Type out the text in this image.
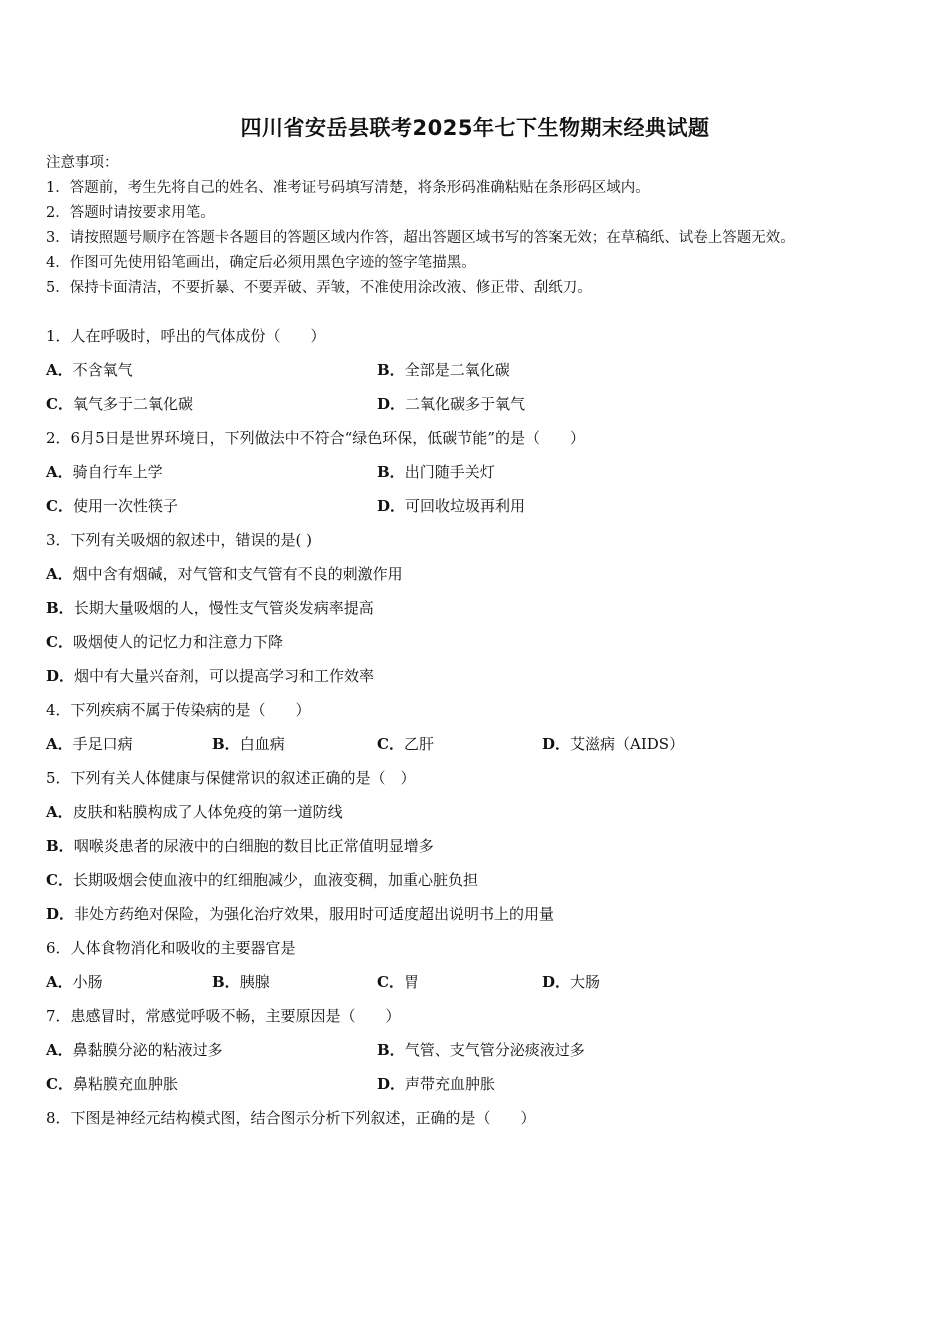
四川省安岳县联考2025年七下生物期末经典试题
注意事项：
1．答题前，考生先将自己的姓名、准考证号码填写清楚，将条形码准确粘贴在条形码区域内。
2．答题时请按要求用笔。
3．请按照题号顺序在答题卡各题目的答题区域内作答，超出答题区域书写的答案无效；在草稿纸、试卷上答题无效。
4．作图可先使用铅笔画出，确定后必须用黑色字迹的签字笔描黑。
5．保持卡面清洁，不要折暴、不要弄破、弄皱，不准使用涂改液、修正带、刮纸刀。
1．人在呼吸时，呼出的气体成份（　　）
A．不含氧气	B．全部是二氧化碳
C．氧气多于二氧化碳	D．二氧化碳多于氧气
2．6月5日是世界环境日，下列做法中不符合“绿色环保，低碳节能”的是（　　）
A．骑自行车上学	B．出门随手关灯
C．使用一次性筷子	D．可回收垃圾再利用
3．下列有关吸烟的叙述中，错误的是( )
A．烟中含有烟碱，对气管和支气管有不良的刺激作用
B．长期大量吸烟的人，慢性支气管炎发病率提高
C．吸烟使人的记忆力和注意力下降
D．烟中有大量兴奋剂，可以提高学习和工作效率
4．下列疾病不属于传染病的是（　　）
A．手足口病	B．白血病	C．乙肝	D．艾滋病（AIDS）
5．下列有关人体健康与保健常识的叙述正确的是（　）
A．皮肤和粘膜构成了人体免疫的第一道防线
B．咽喉炎患者的尿液中的白细胞的数目比正常值明显增多
C．长期吸烟会使血液中的红细胞减少，血液变稠，加重心脏负担
D．非处方药绝对保险，为强化治疗效果，服用时可适度超出说明书上的用量
6．人体食物消化和吸收的主要器官是
A．小肠	B．胰腺	C．胃	D．大肠
7．患感冒时，常感觉呼吸不畅，主要原因是（　　）
A．鼻黏膜分泌的粘液过多	B．气管、支气管分泌痰液过多
C．鼻粘膜充血肿胀	D．声带充血肿胀
8．下图是神经元结构模式图，结合图示分析下列叙述，正确的是（　　）
